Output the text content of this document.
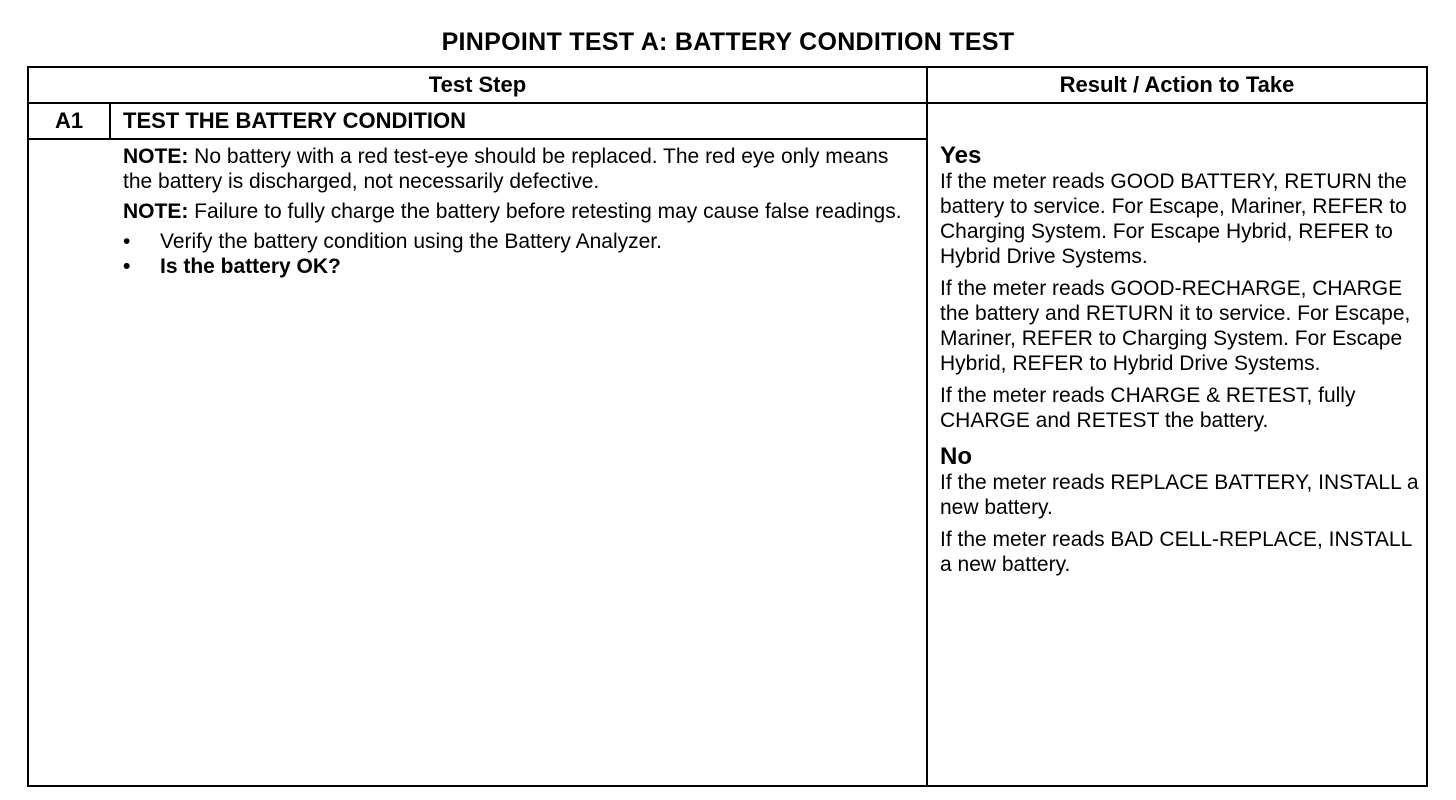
PINPOINT TEST A: BATTERY CONDITION TEST
Test Step	Result / Action to Take
A1	TEST THE BATTERY CONDITION

NOTE: No battery with a red test-eye should be replaced. The red eye only means the battery is discharged, not necessarily defective.

NOTE: Failure to fully charge the battery before retesting may cause false readings.

• Verify the battery condition using the Battery Analyzer.
• Is the battery OK?
Yes

If the meter reads GOOD BATTERY, RETURN the battery to service. For Escape, Mariner, REFER to Charging System. For Escape Hybrid, REFER to Hybrid Drive Systems.

If the meter reads GOOD-RECHARGE, CHARGE the battery and RETURN it to service. For Escape, Mariner, REFER to Charging System. For Escape Hybrid, REFER to Hybrid Drive Systems.

If the meter reads CHARGE & RETEST, fully CHARGE and RETEST the battery.

No

If the meter reads REPLACE BATTERY, INSTALL a new battery.

If the meter reads BAD CELL-REPLACE, INSTALL a new battery.
